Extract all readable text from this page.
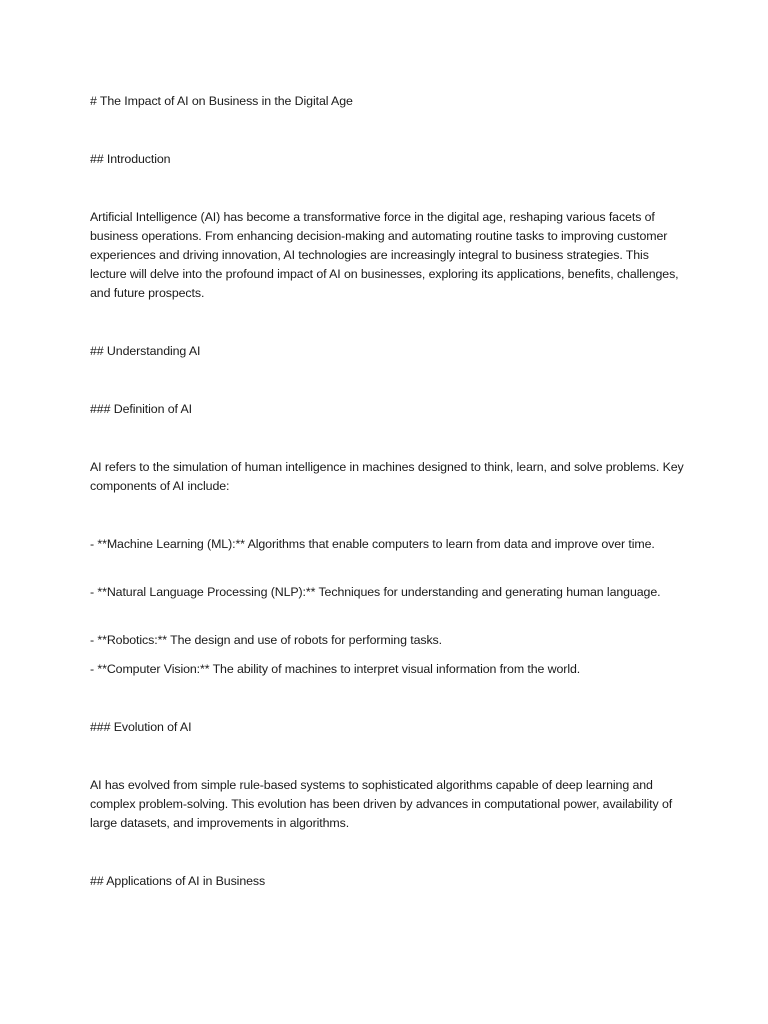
# The Impact of AI on Business in the Digital Age
## Introduction
Artificial Intelligence (AI) has become a transformative force in the digital age, reshaping various facets of business operations. From enhancing decision-making and automating routine tasks to improving customer experiences and driving innovation, AI technologies are increasingly integral to business strategies. This lecture will delve into the profound impact of AI on businesses, exploring its applications, benefits, challenges, and future prospects.
## Understanding AI
### Definition of AI
AI refers to the simulation of human intelligence in machines designed to think, learn, and solve problems. Key components of AI include:
- **Machine Learning (ML):** Algorithms that enable computers to learn from data and improve over time.
- **Natural Language Processing (NLP):** Techniques for understanding and generating human language.
- **Robotics:** The design and use of robots for performing tasks.
- **Computer Vision:** The ability of machines to interpret visual information from the world.
### Evolution of AI
AI has evolved from simple rule-based systems to sophisticated algorithms capable of deep learning and complex problem-solving. This evolution has been driven by advances in computational power, availability of large datasets, and improvements in algorithms.
## Applications of AI in Business
